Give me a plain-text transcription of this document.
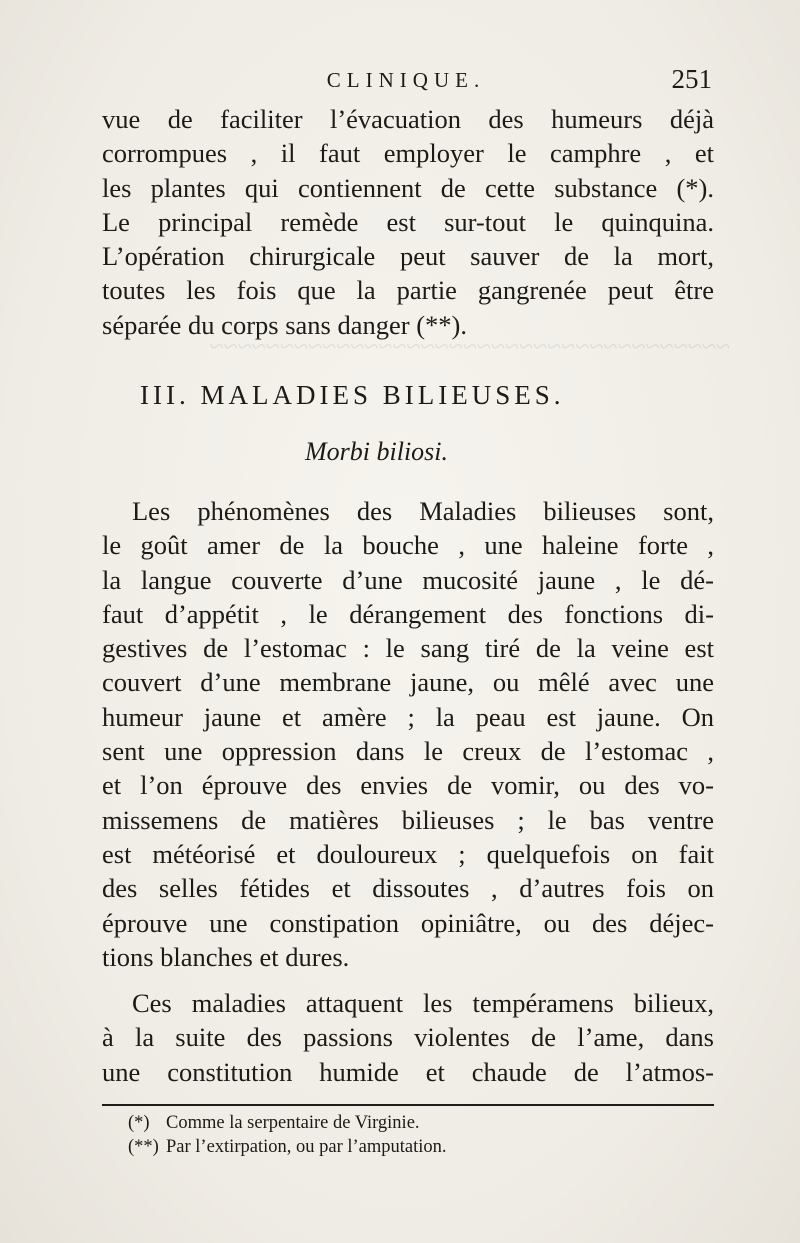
~~~~~~~~~~~~~~~~~~~~~~~~~~~~~~~~~~~~~
CLINIQUE.	251
vue de faciliter l’évacuation des humeurs déjà
corrompues , il faut employer le camphre , et
les plantes qui contiennent de cette substance (*).
Le principal remède est sur-tout le quinquina.
L’opération chirurgicale peut sauver de la mort,
toutes les fois que la partie gangrenée peut être
séparée du corps sans danger (**).
III. MALADIES BILIEUSES.
Morbi biliosi.
Les phénomènes des Maladies bilieuses sont,
le goût amer de la bouche , une haleine forte ,
la langue couverte d’une mucosité jaune , le dé-
faut d’appétit , le dérangement des fonctions di-
gestives de l’estomac : le sang tiré de la veine est
couvert d’une membrane jaune, ou mêlé avec une
humeur jaune et amère ; la peau est jaune. On
sent une oppression dans le creux de l’estomac ,
et l’on éprouve des envies de vomir, ou des vo-
missemens de matières bilieuses ; le bas ventre
est météorisé et douloureux ; quelquefois on fait
des selles fétides et dissoutes , d’autres fois on
éprouve une constipation opiniâtre, ou des déjec-
tions blanches et dures.
Ces maladies attaquent les tempéramens bilieux,
à la suite des passions violentes de l’ame, dans
une constitution humide et chaude de l’atmos-
(*) Comme la serpentaire de Virginie.
(**) Par l’extirpation, ou par l’amputation.
